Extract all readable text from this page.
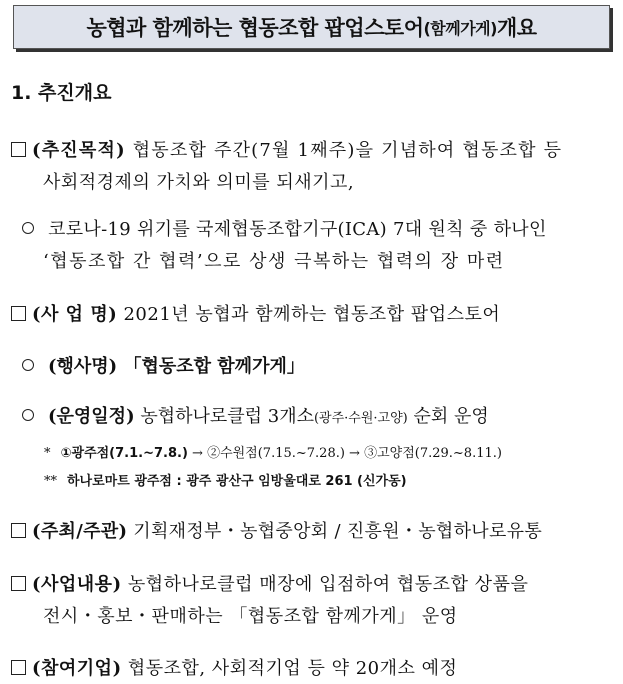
농협과 함께하는 협동조합 팝업스토어 (함께가게) 개요
1. 추진개요
(추진목적) 협동조합 주간(7월 1째주)을 기념하여 협동조합 등
사회적경제의 가치와 의미를 되새기고,
코로나-19 위기를 국제협동조합기구(ICA) 7대 원칙 중 하나인
‘협동조합 간 협력’으로 상생 극복하는 협력의 장 마련
(사 업 명) 2021년 농협과 함께하는 협동조합 팝업스토어
(행사명) 「협동조합 함께가게」
(운영일정) 농협하나로클럽 3개소(광주·수원·고양) 순회 운영
* ①광주점(7.1.~7.8.) → ②수원점(7.15.~7.28.) → ③고양점(7.29.~8.11.)
** 하나로마트 광주점 : 광주 광산구 임방울대로 261 (신가동)
(주최/주관) 기획재정부・농협중앙회 / 진흥원・농협하나로유통
(사업내용) 농협하나로클럽 매장에 입점하여 협동조합 상품을
전시・홍보・판매하는 「협동조합 함께가게」 운영
(참여기업) 협동조합, 사회적기업 등 약 20개소 예정
